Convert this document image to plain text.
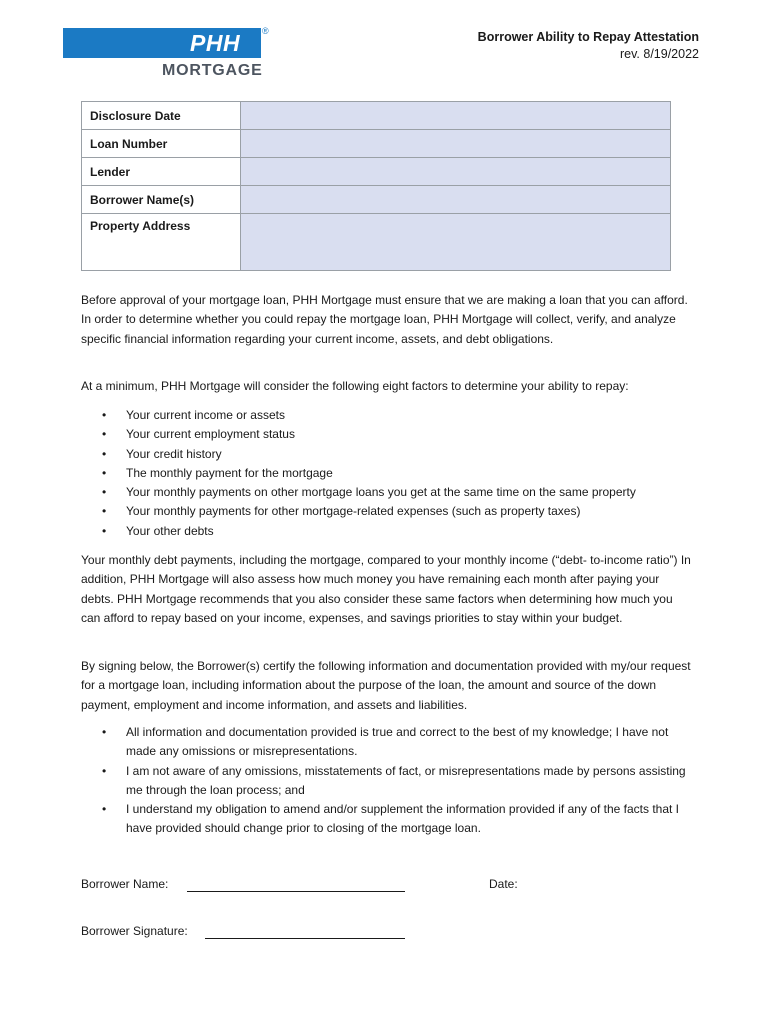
PHH ®
MORTGAGE
Borrower Ability to Repay Attestation
rev. 8/19/2022
Disclosure Date	
Loan Number	
Lender	
Borrower Name(s)	
Property Address	

Before approval of your mortgage loan, PHH Mortgage must ensure that we are making a loan that you can afford. In order to determine whether you could repay the mortgage loan, PHH Mortgage will collect, verify, and analyze specific financial information regarding your current income, assets, and debt obligations.

At a minimum, PHH Mortgage will consider the following eight factors to determine your ability to repay:

• Your current income or assets
• Your current employment status
• Your credit history
• The monthly payment for the mortgage
• Your monthly payments on other mortgage loans you get at the same time on the same property
• Your monthly payments for other mortgage-related expenses (such as property taxes)
• Your other debts

Your monthly debt payments, including the mortgage, compared to your monthly income (“debt- to-income ratio”) In addition, PHH Mortgage will also assess how much money you have remaining each month after paying your debts. PHH Mortgage recommends that you also consider these same factors when determining how much you can afford to repay based on your income, expenses, and savings priorities to stay within your budget.

By signing below, the Borrower(s) certify the following information and documentation provided with my/our request for a mortgage loan, including information about the purpose of the loan, the amount and source of the down payment, employment and income information, and assets and liabilities.

• All information and documentation provided is true and correct to the best of my knowledge; I have not made any omissions or misrepresentations.
• I am not aware of any omissions, misstatements of fact, or misrepresentations made by persons assisting me through the loan process; and
• I understand my obligation to amend and/or supplement the information provided if any of the facts that I have provided should change prior to closing of the mortgage loan.
Borrower Name:	Date:
Borrower Signature:
